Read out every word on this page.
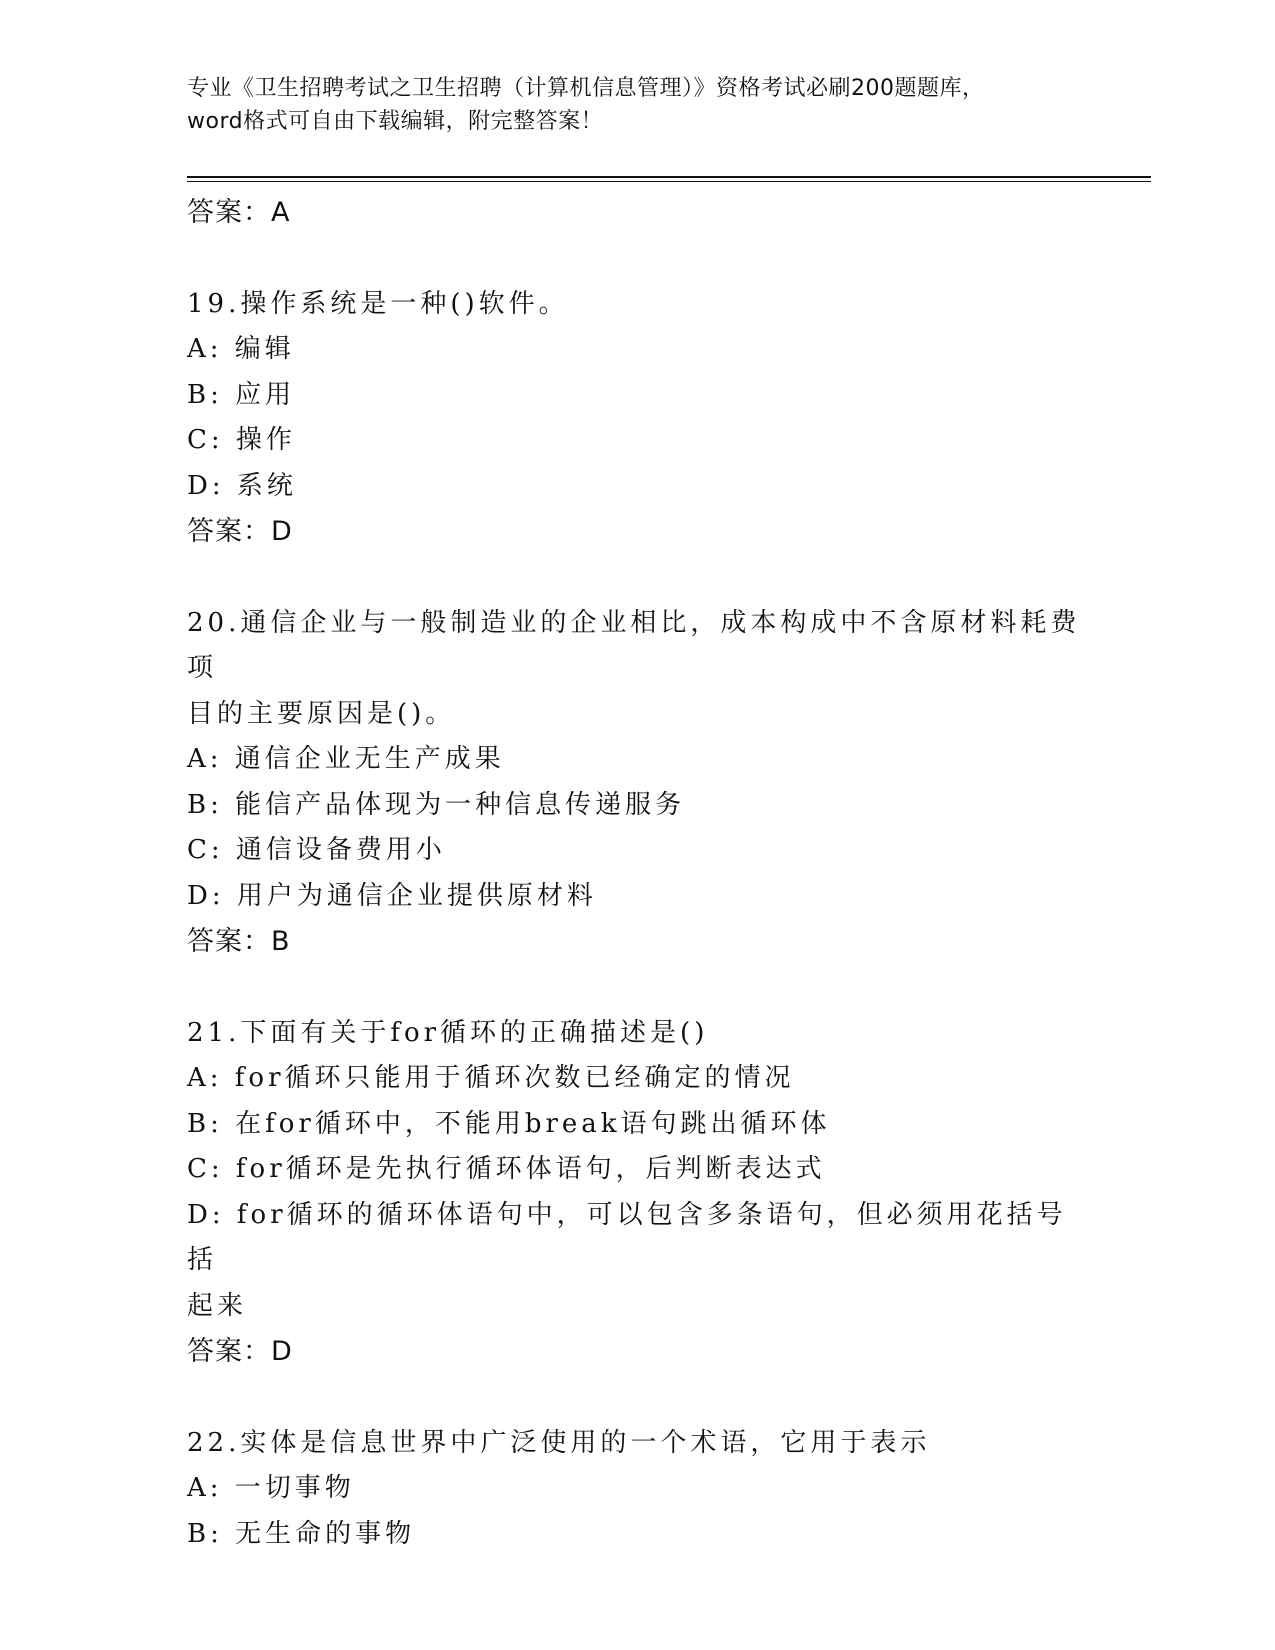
专业《卫生招聘考试之卫生招聘（计算机信息管理）》资格考试必刷200题题库，
word格式可自由下载编辑，附完整答案！
答案：A
19.操作系统是一种()软件。
A: 编辑
B: 应用
C: 操作
D: 系统
答案：D
20.通信企业与一般制造业的企业相比，成本构成中不含原材料耗费项
目的主要原因是()。
A: 通信企业无生产成果
B: 能信产品体现为一种信息传递服务
C: 通信设备费用小
D: 用户为通信企业提供原材料
答案：B
21.下面有关于for循环的正确描述是()
A: for循环只能用于循环次数已经确定的情况
B: 在for循环中，不能用break语句跳出循环体
C: for循环是先执行循环体语句，后判断表达式
D: for循环的循环体语句中，可以包含多条语句，但必须用花括号括
起来
答案：D
22.实体是信息世界中广泛使用的一个术语，它用于表示
A: 一切事物
B: 无生命的事物
